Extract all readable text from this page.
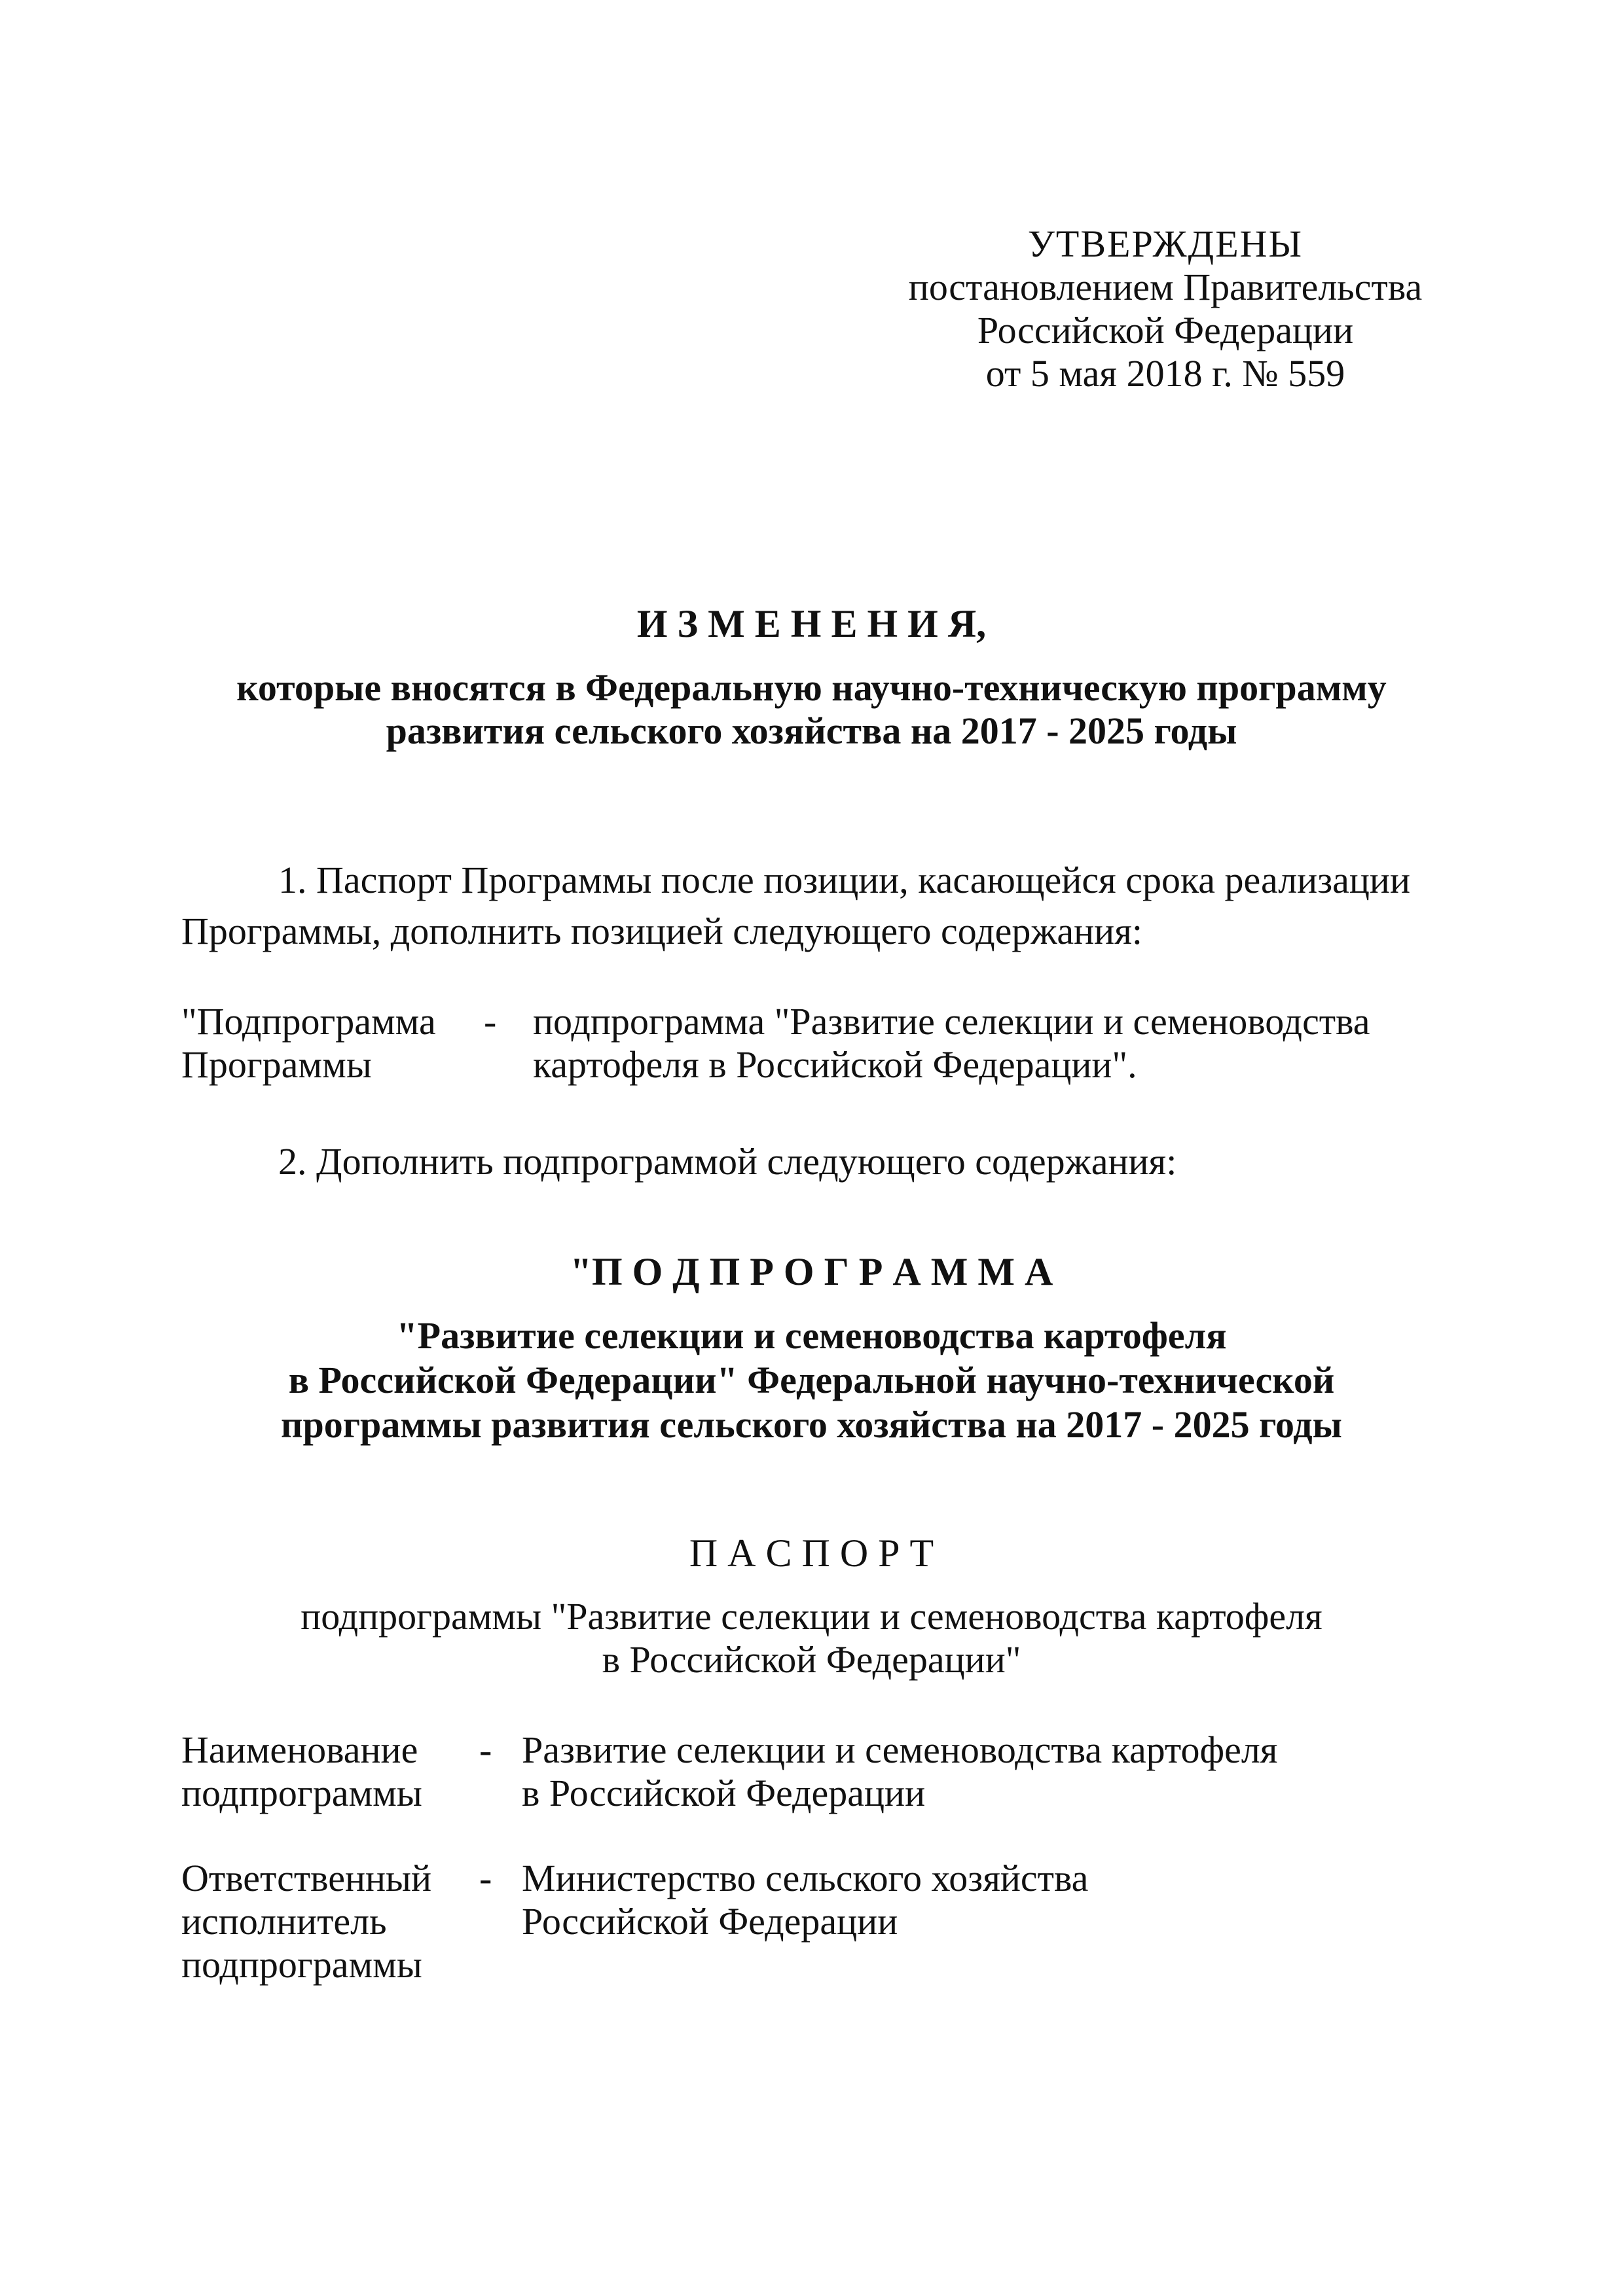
УТВЕРЖДЕНЫ
постановлением Правительства
Российской Федерации
от 5 мая 2018 г. № 559
И З М Е Н Е Н И Я,
которые вносятся в Федеральную научно-техническую программу
развития сельского хозяйства на 2017 - 2025 годы
1. Паспорт Программы после позиции, касающейся срока реализации
Программы, дополнить позицией следующего содержания:
"Подпрограмма
Программы
- подпрограмма "Развитие селекции и семеноводства
картофеля в Российской Федерации".
2. Дополнить подпрограммой следующего содержания:
"П О Д П Р О Г Р А М М А
"Развитие селекции и семеноводства картофеля
в Российской Федерации" Федеральной научно-технической
программы развития сельского хозяйства на 2017 - 2025 годы
П А С П О Р Т
подпрограммы "Развитие селекции и семеноводства картофеля
в Российской Федерации"
Наименование
подпрограммы
- Развитие селекции и семеноводства картофеля
в Российской Федерации
Ответственный
исполнитель
подпрограммы
- Министерство сельского хозяйства
Российской Федерации
